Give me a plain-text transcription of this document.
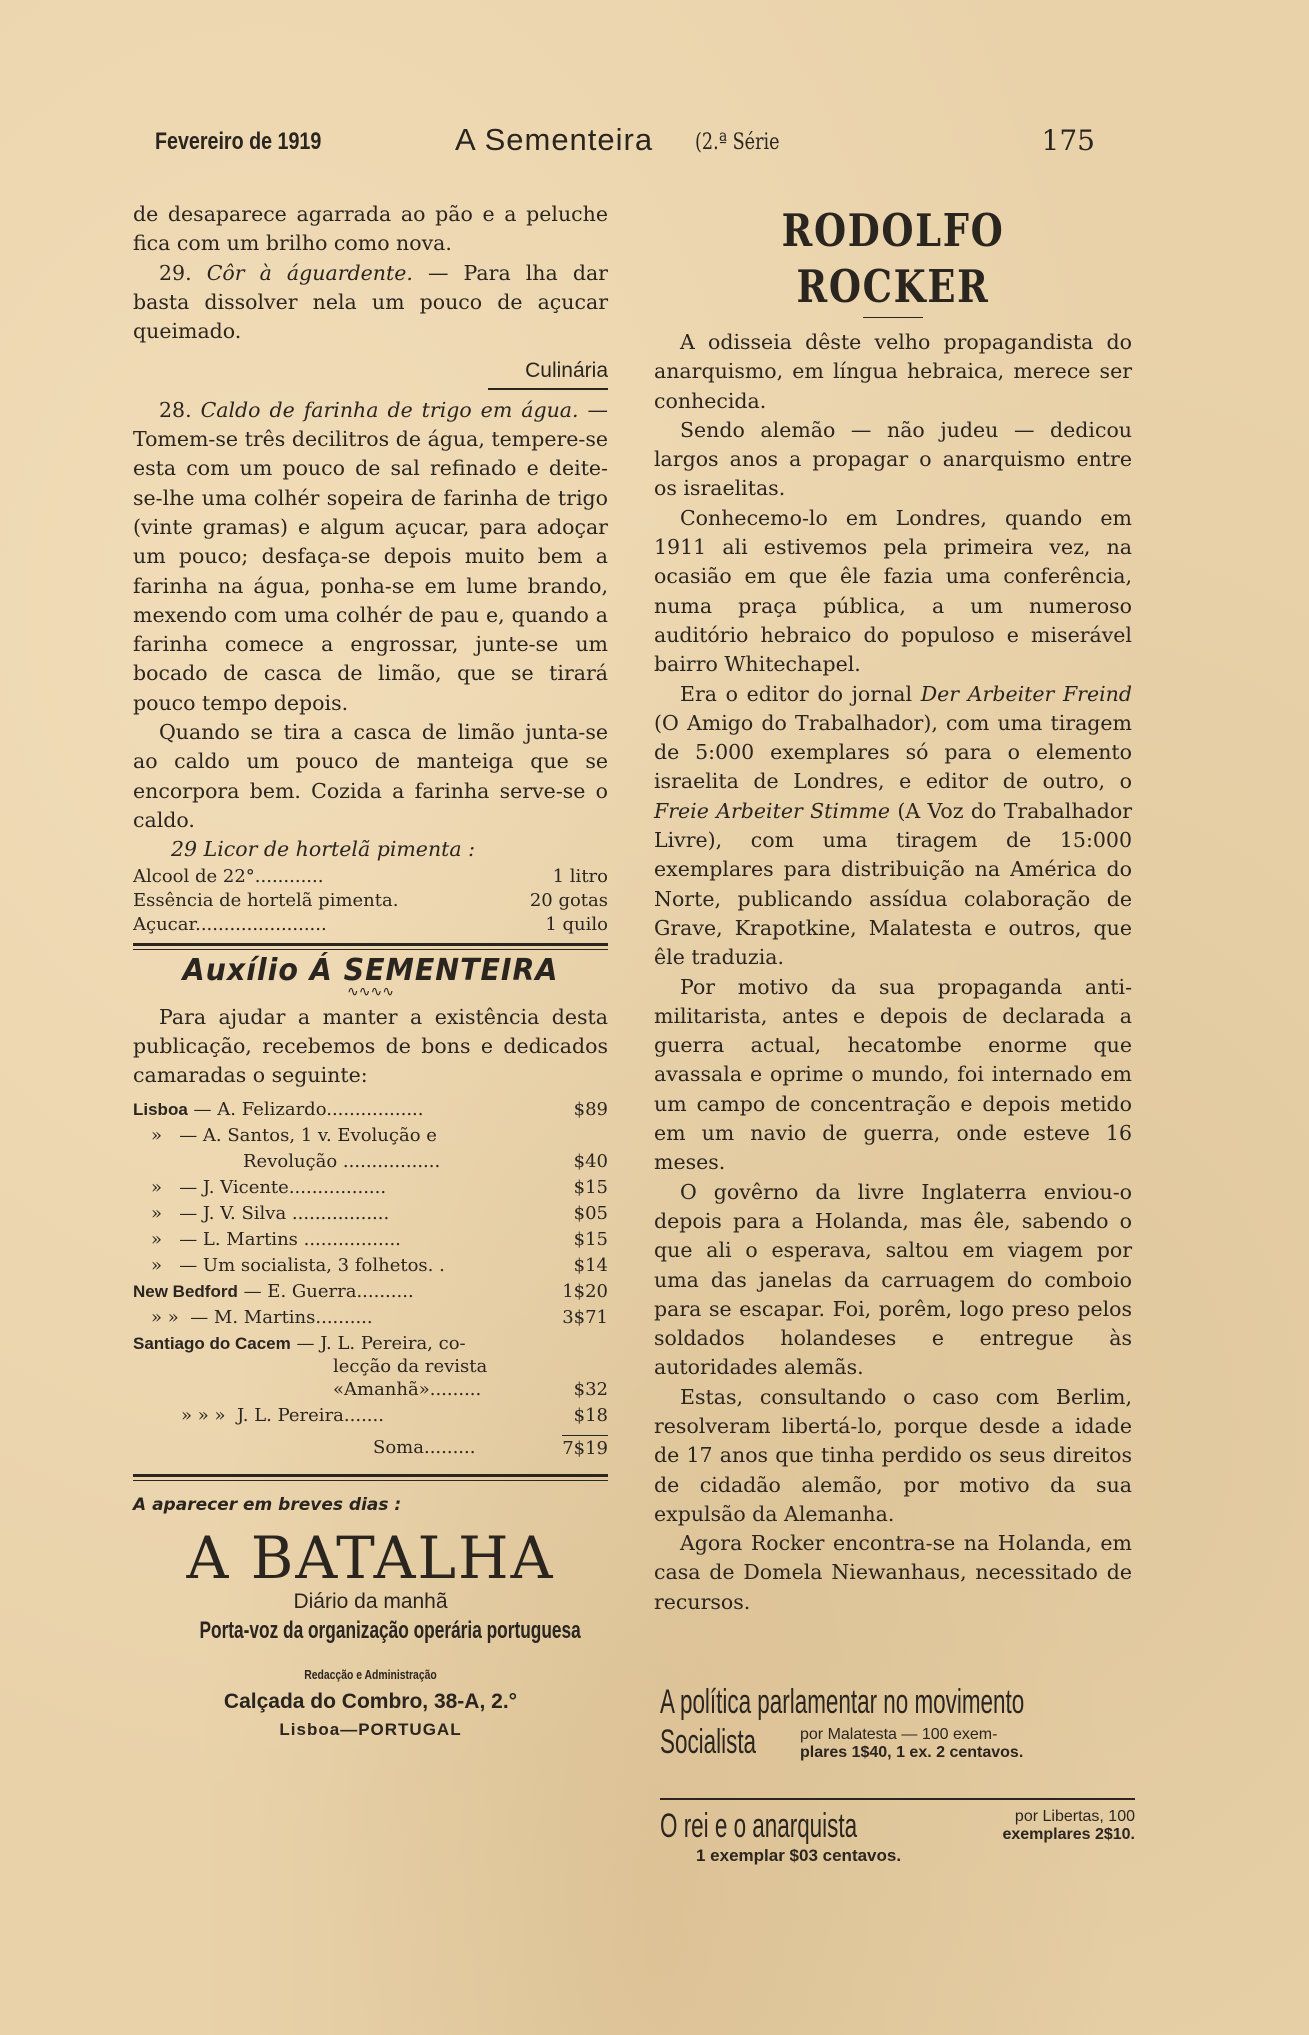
Fevereiro de 1919	A Sementeira (2.ª Série	175

de desaparece agarrada ao pão e a peluche fica com um brilho como nova.

29. Côr à águardente. — Para lha dar basta dissolver nela um pouco de açucar queimado.

Culinária

28. Caldo de farinha de trigo em água. — Tomem-se três decilitros de água, tempere-se esta com um pouco de sal refinado e deite-se-lhe uma colhér sopeira de farinha de trigo (vinte gramas) e algum açucar, para adoçar um pouco; desfaça-se depois muito bem a farinha na água, ponha-se em lume brando, mexendo com uma colhér de pau e, quando a farinha comece a engrossar, junte-se um bocado de casca de limão, que se tirará pouco tempo depois.

Quando se tira a casca de limão junta-se ao caldo um pouco de manteiga que se encorpora bem. Cozida a farinha serve-se o caldo.

29 Licor de hortelã pimenta :

Alcool de 22°............	1 litro
Essência de hortelã pimenta.	20 gotas
Açucar.......................	1 quilo
Auxílio Á SEMENTEIRA
∿∿∿∿

Para ajudar a manter a existência desta publicação, recebemos de bons e dedicados camaradas o seguinte:

Lisboa — A. Felizardo.................	$89
» — A. Santos, 1 v. Evolução e
Revolução .................	$40
» — J. Vicente.................	$15
» — J. V. Silva .................	$05
» — L. Martins .................	$15
» — Um socialista, 3 folhetos. .	$14
New Bedford — E. Guerra..........	1$20
» » — M. Martins..........	3$71
Santiago do Cacem — J. L. Pereira, co-
lecção da revista
«Amanhã».........	$32
» » » J. L. Pereira.......	$18
Soma.........	7$19
A aparecer em breves dias :
A BATALHA
Diário da manhã
Porta-voz da organização operária portuguesa
Redacção e Administração
Calçada do Combro, 38-A, 2.°
Lisboa—PORTUGAL
RODOLFO ROCKER

A odisseia dêste velho propagandista do anarquismo, em língua hebraica, merece ser conhecida.

Sendo alemão — não judeu — dedicou largos anos a propagar o anarquismo entre os israelitas.

Conhecemo-lo em Londres, quando em 1911 ali estivemos pela primeira vez, na ocasião em que êle fazia uma conferência, numa praça pública, a um numeroso auditório hebraico do populoso e miserável bairro Whitechapel.

Era o editor do jornal Der Arbeiter Freind (O Amigo do Trabalhador), com uma tiragem de 5:000 exemplares só para o elemento israelita de Londres, e editor de outro, o Freie Arbeiter Stimme (A Voz do Trabalhador Livre), com uma tiragem de 15:000 exemplares para distribuição na América do Norte, publicando assídua colaboração de Grave, Krapotkine, Malatesta e outros, que êle traduzia.

Por motivo da sua propaganda anti-militarista, antes e depois de declarada a guerra actual, hecatombe enorme que avassala e oprime o mundo, foi internado em um campo de concentração e depois metido em um navio de guerra, onde esteve 16 meses.

O govêrno da livre Inglaterra enviou-o depois para a Holanda, mas êle, sabendo o que ali o esperava, saltou em viagem por uma das janelas da carruagem do comboio para se escapar. Foi, porêm, logo preso pelos soldados holandeses e entregue às autoridades alemãs.

Estas, consultando o caso com Berlim, resolveram libertá-lo, porque desde a idade de 17 anos que tinha perdido os seus direitos de cidadão alemão, por motivo da sua expulsão da Alemanha.

Agora Rocker encontra-se na Holanda, em casa de Domela Niewanhaus, necessitado de recursos.

A política parlamentar no movimento
Socialista	por Malatesta — 100 exem-
plares 1$40, 1 ex. 2 centavos.
O rei e o anarquista	por Libertas, 100
exemplares 2$10.
1 exemplar $03 centavos.
